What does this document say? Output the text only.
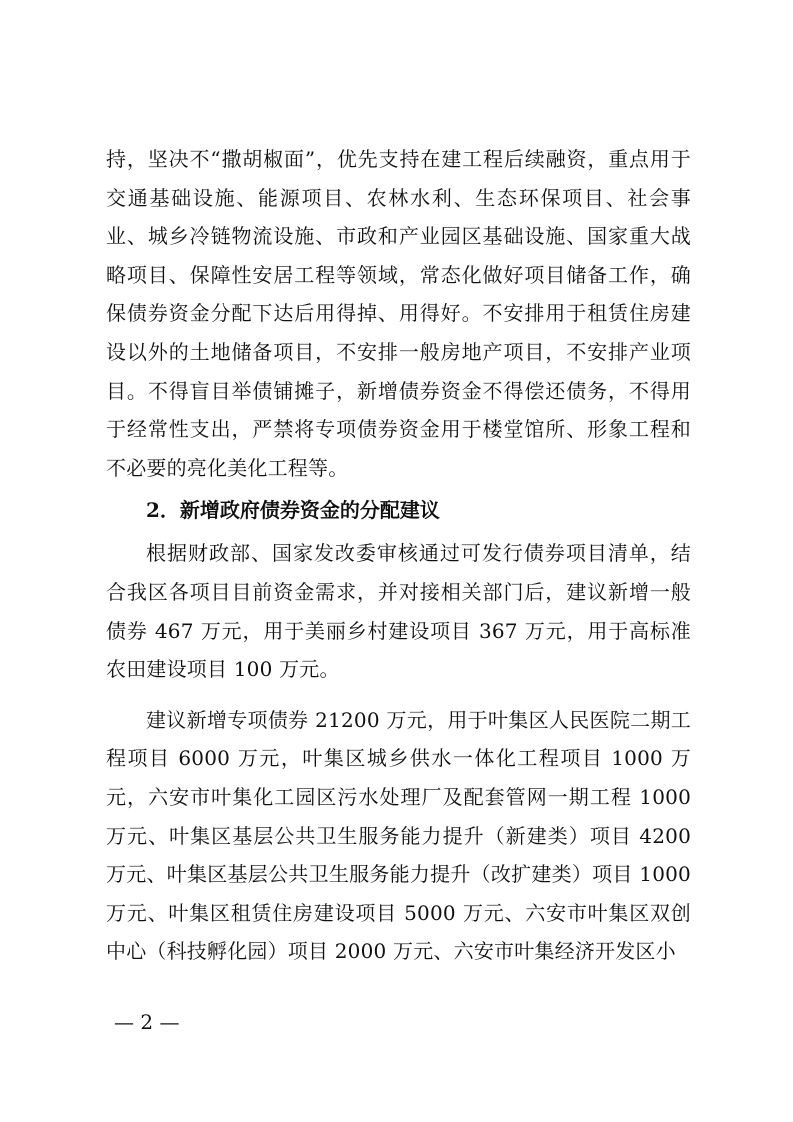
持，坚决不“撒胡椒面”，优先支持在建工程后续融资，重点用于交通基础设施、能源项目、农林水利、生态环保项目、社会事业、城乡冷链物流设施、市政和产业园区基础设施、国家重大战略项目、保障性安居工程等领域，常态化做好项目储备工作，确保债券资金分配下达后用得掉、用得好。不安排用于租赁住房建设以外的土地储备项目，不安排一般房地产项目，不安排产业项目。不得盲目举债铺摊子，新增债券资金不得偿还债务，不得用于经常性支出，严禁将专项债券资金用于楼堂馆所、形象工程和不必要的亮化美化工程等。

2．新增政府债券资金的分配建议

根据财政部、国家发改委审核通过可发行债券项目清单，结合我区各项目目前资金需求，并对接相关部门后，建议新增一般债券 467 万元，用于美丽乡村建设项目 367 万元，用于高标准农田建设项目 100 万元。

建议新增专项债券 21200 万元，用于叶集区人民医院二期工程项目 6000 万元，叶集区城乡供水一体化工程项目 1000 万元，六安市叶集化工园区污水处理厂及配套管网一期工程 1000 万元、叶集区基层公共卫生服务能力提升（新建类）项目 4200 万元、叶集区基层公共卫生服务能力提升（改扩建类）项目 1000 万元、叶集区租赁住房建设项目 5000 万元、六安市叶集区双创中心（科技孵化园）项目 2000 万元、六安市叶集经济开发区小

— 2 —
